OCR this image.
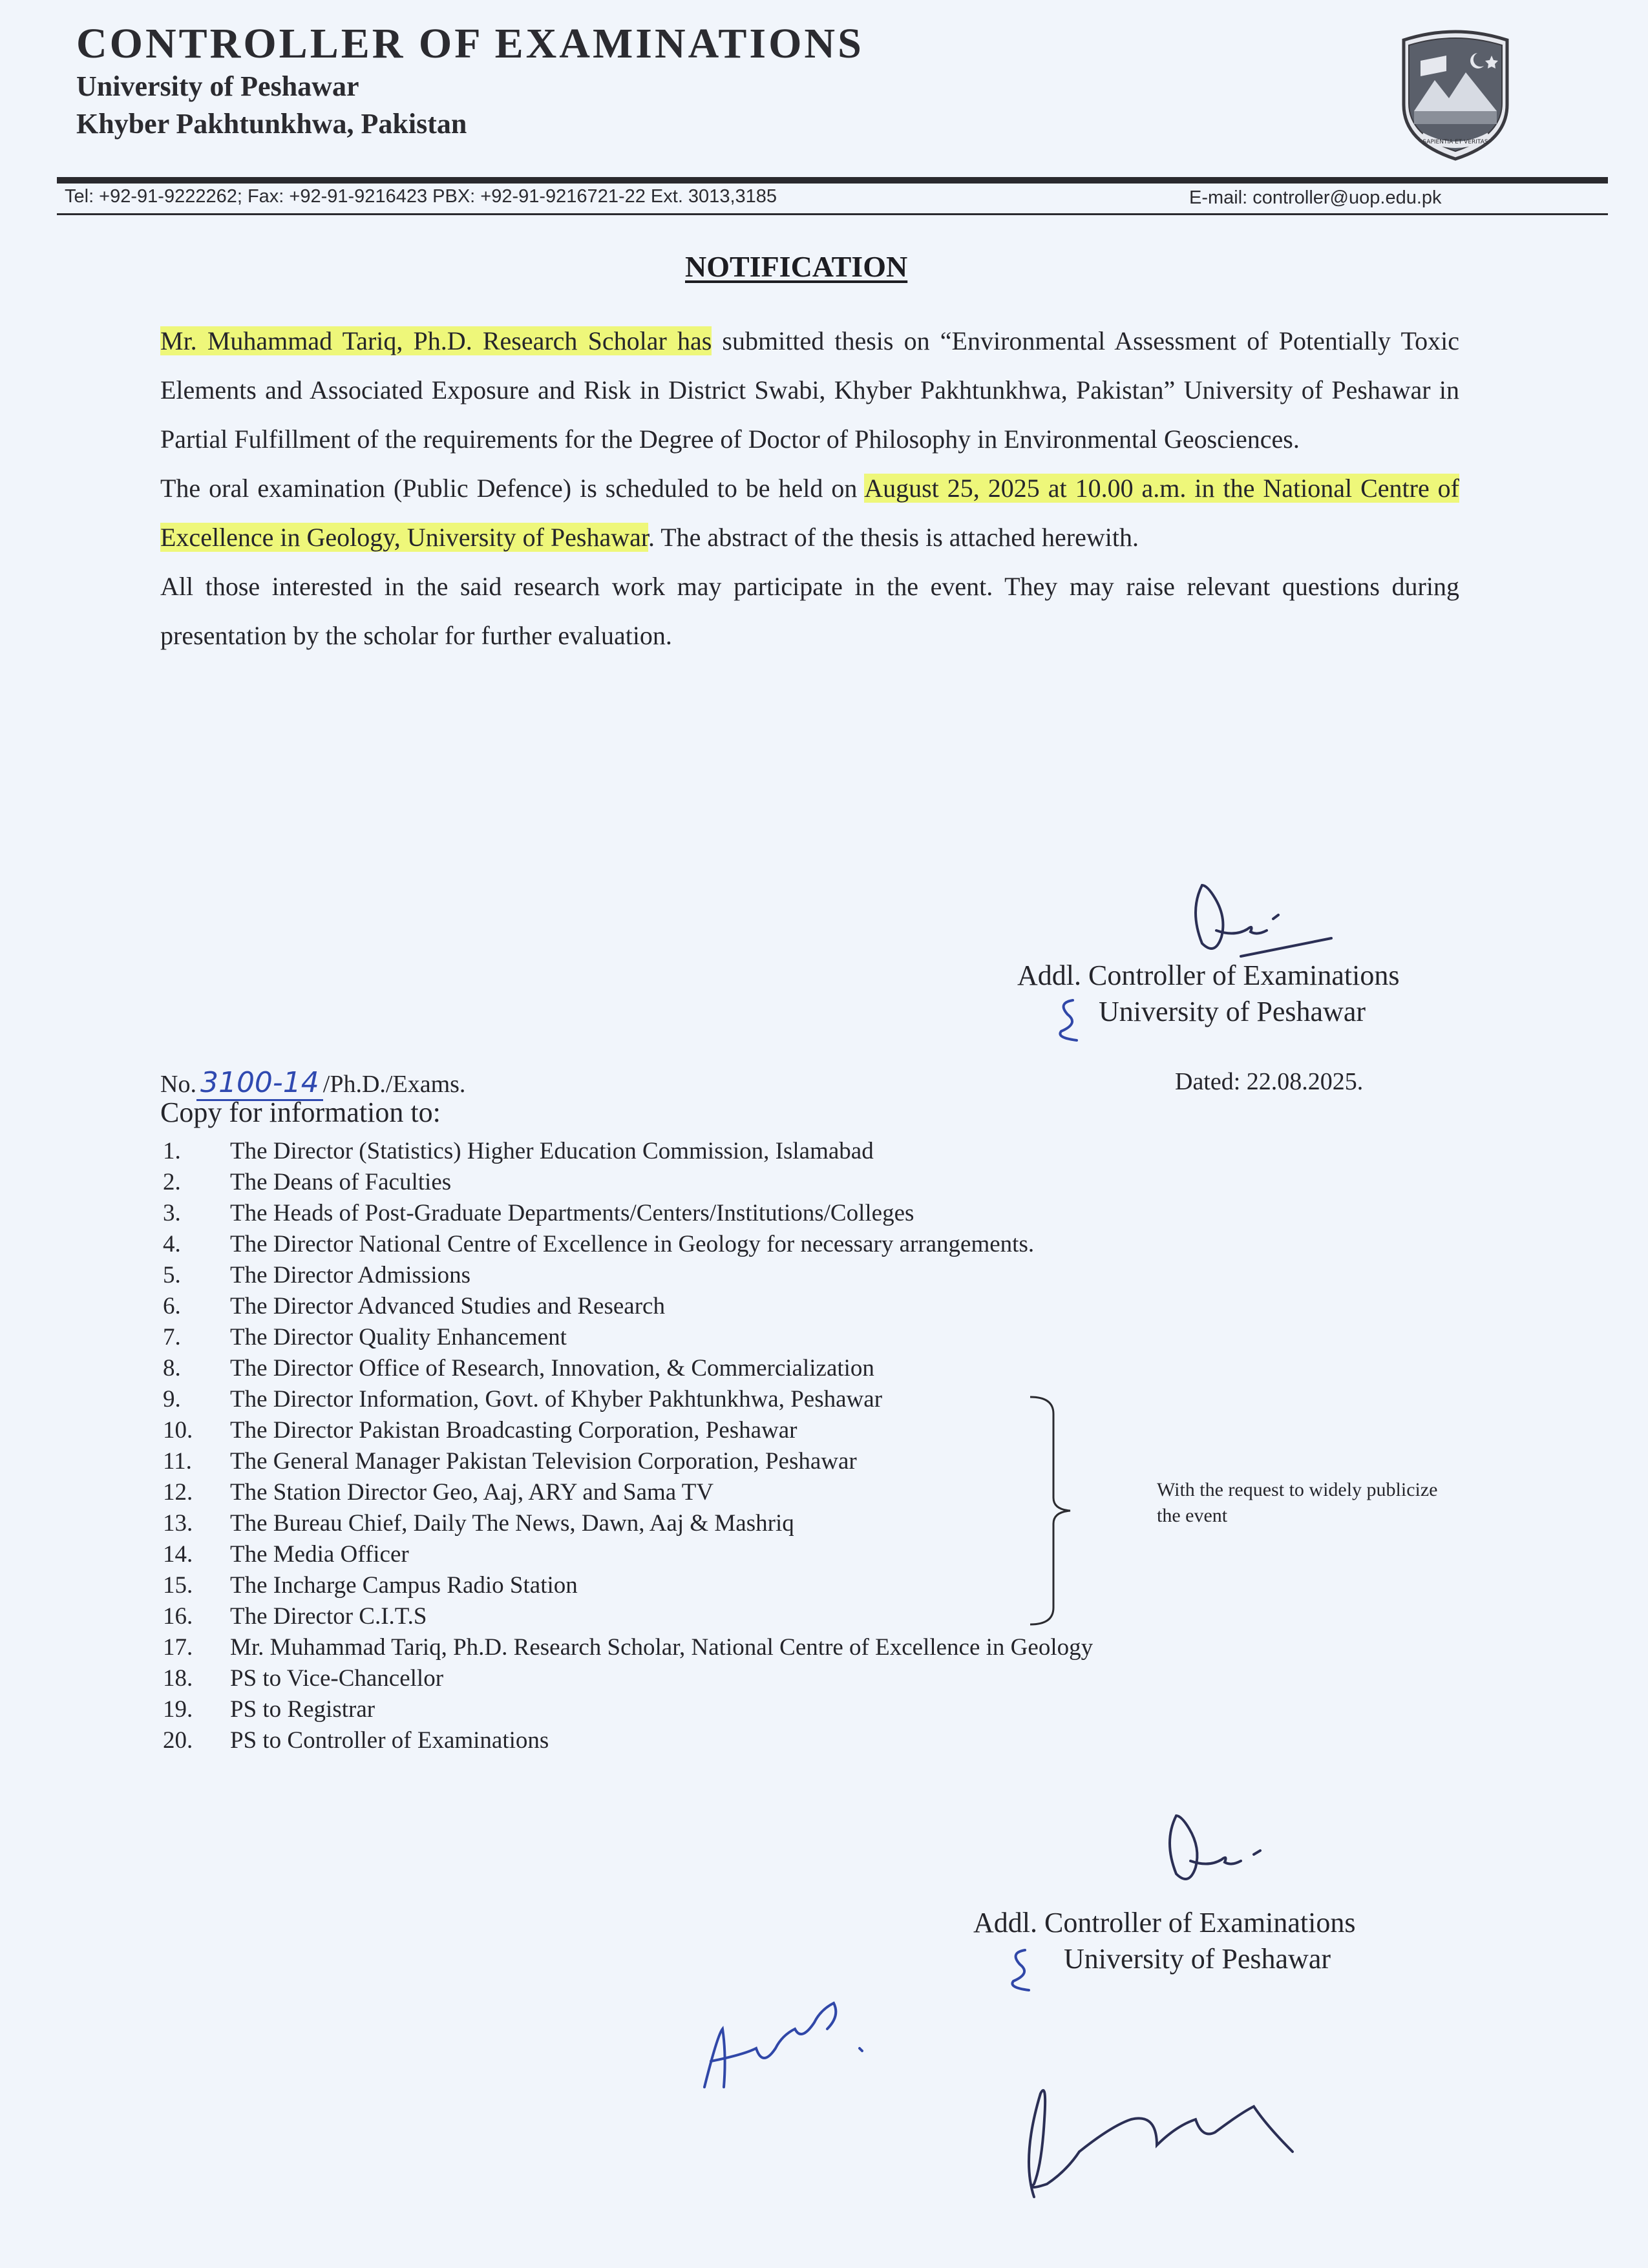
CONTROLLER OF EXAMINATIONS
University of Peshawar
Khyber Pakhtunkhwa, Pakistan
SAPIENTIA ET VERITAS
Tel: +92-91-9222262; Fax: +92-91-9216423 PBX: +92-91-9216721-22 Ext. 3013,3185	E-mail: controller@uop.edu.pk
NOTIFICATION

Mr. Muhammad Tariq, Ph.D. Research Scholar has submitted thesis on “Environmental Assessment of Potentially Toxic Elements and Associated Exposure and Risk in District Swabi, Khyber Pakhtunkhwa, Pakistan” University of Peshawar in Partial Fulfillment of the requirements for the Degree of Doctor of Philosophy in Environmental Geosciences.

The oral examination (Public Defence) is scheduled to be held on August 25, 2025 at 10.00 a.m. in the National Centre of Excellence in Geology, University of Peshawar. The abstract of the thesis is attached herewith.

All those interested in the said research work may participate in the event. They may raise relevant questions during presentation by the scholar for further evaluation.

Addl. Controller of Examinations
University of Peshawar
No. 3100-14 /Ph.D./Exams.	Dated: 22.08.2025.
Copy for information to:
1.	The Director (Statistics) Higher Education Commission, Islamabad
2.	The Deans of Faculties
3.	The Heads of Post-Graduate Departments/Centers/Institutions/Colleges
4.	The Director National Centre of Excellence in Geology for necessary arrangements.
5.	The Director Admissions
6.	The Director Advanced Studies and Research
7.	The Director Quality Enhancement
8.	The Director Office of Research, Innovation, & Commercialization
9.	The Director Information, Govt. of Khyber Pakhtunkhwa, Peshawar
10.	The Director Pakistan Broadcasting Corporation, Peshawar
11.	The General Manager Pakistan Television Corporation, Peshawar
12.	The Station Director Geo, Aaj, ARY and Sama TV
13.	The Bureau Chief, Daily The News, Dawn, Aaj & Mashriq
14.	The Media Officer
15.	The Incharge Campus Radio Station
16.	The Director C.I.T.S
17.	Mr. Muhammad Tariq, Ph.D. Research Scholar, National Centre of Excellence in Geology
18.	PS to Vice-Chancellor
19.	PS to Registrar
20.	PS to Controller of Examinations
With the request to widely publicize the event
Addl. Controller of Examinations
University of Peshawar
